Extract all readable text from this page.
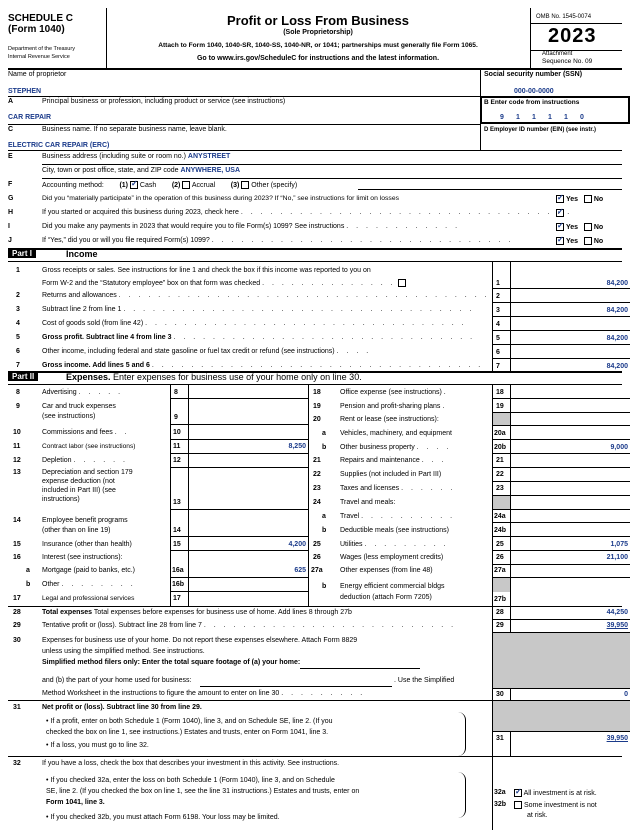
SCHEDULE C
(Form 1040)
Department of the Treasury
Internal Revenue Service
Profit or Loss From Business
(Sole Proprietorship)
Attach to Form 1040, 1040-SR, 1040-SS, 1040-NR, or 1041; partnerships must generally file Form 1065.
Go to www.irs.gov/ScheduleC for instructions and the latest information.
OMB No. 1545-0074
2023
Attachment
Sequence No. 09
Name of proprietor	Social security number (SSN)
STEPHEN	000-00-0000
A	Principal business or profession, including product or service (see instructions)
CAR REPAIR
B Enter code from instructions
9	1	1	1	1	0
C	Business name. If no separate business name, leave blank.	D Employer ID number (EIN) (see instr.)
ELECTRIC CAR REPAIR (ERC)
E	Business address (including suite or room no.) ANYSTREET
City, town or post office, state, and ZIP code ANYWHERE, USA
F	Accounting method: (1) ✓ Cash (2) Accrual (3) Other (specify)
G	Did you “materially participate” in the operation of this business during 2023? If “No,” see instructions for limit on losses ✓	Yes No
H	If you started or acquired this business during 2023, check here . . . . . . . . . . . . . . . . . . . . . . . . . . . . . . . . . .
✓
I	Did you make any payments in 2023 that would require you to file Form(s) 1099? See instructions . . . . . . . . . . . . ✓	Yes No
J	If “Yes,” did you or will you file required Form(s) 1099? . . . . . . . . . . . . . . . . . . . . . . . . . . . . . . . ✓	Yes No
Part I	Income
1	Gross receipts or sales. See instructions for line 1 and check the box if this income was reported to you on
Form W-2 and the “Statutory employee” box on that form was checked . . . . . . . . . . . . . .	1	84,200
2	Returns and allowances . . . . . . . . . . . . . . . . . . . . . . . . . . . . . . . . . . . . . . 2
3	Subtract line 2 from line 1 . . . . . . . . . . . . . . . . . . . . . . . . . . . . . . . . . . . .	3	84,200
4	Cost of goods sold (from line 42) . . . . . . . . . . . . . . . . . . . . . . . . . . . . . . . . .	4
5	Gross profit. Subtract line 4 from line 3 . . . . . . . . . . . . . . . . . . . . . . . . . . . . . . .	5	84,200
6	Other income, including federal and state gasoline or fuel tax credit or refund (see instructions) . . . .	6
7	Gross income. Add lines 5 and 6 . . . . . . . . . . . . . . . . . . . . . . . . . . . . . . . . . . 7	84,200
Part II	Expenses. Enter expenses for business use of your home only on line 30.
8	Advertising . . . . .	8
9	Car and truck expenses
(see instructions)	9
10	Commissions and fees . .	10
11	Contract labor (see instructions)	11	8,250
12	Depletion . . . . . .	12
13	Depreciation and section 179
expense deduction (not
included in Part III) (see
instructions)	13
14	Employee benefit programs
(other than on line 19)	14
15	Insurance (other than health)	15	4,200
16	Interest (see instructions):
a Mortgage (paid to banks, etc.)	16a	625
b Other . . . . . . . .	16b
17	Legal and professional services	17
18	Office expense (see instructions) .	18
19	Pension and profit-sharing plans .	19
20	Rent or lease (see instructions):
a Vehicles, machinery, and equipment	20a
b Other business property . . . .	20b	9,000
21	Repairs and maintenance . . .	21
22	Supplies (not included in Part III)	22
23	Taxes and licenses . . . . . .	23
24	Travel and meals:
a Travel . . . . . . . . . .	24a
b Deductible meals (see instructions)	24b
25	Utilities . . . . . . . . .	25	1,075
26	Wages (less employment credits)	26	21,100
27a Other expenses (from line 48)	27a
b Energy efficient commercial bldgs
deduction (attach Form 7205)	27b
28	Total expenses Total expenses before expenses for business use of home. Add lines 8 through 27b	28	44,250
29	Tentative profit or (loss). Subtract line 28 from line 7 . . . . . . . . . . . . . . . . . . . . . . . . . .	29	39,950
30	Expenses for business use of your home. Do not report these expenses elsewhere. Attach Form 8829
unless using the simplified method. See instructions.
Simplified method filers only: Enter the total square footage of (a) your home:
and (b) the part of your home used for business:	. Use the Simplified
Method Worksheet in the instructions to figure the amount to enter on line 30 . . . . . . . . .	30	0
31	Net profit or (loss). Subtract line 30 from line 29.
• If a profit, enter on both Schedule 1 (Form 1040), line 3, and on Schedule SE, line 2. (If you
checked the box on line 1, see instructions.) Estates and trusts, enter on Form 1041, line 3.
• If a loss, you must go to line 32.
31	39,950
32	If you have a loss, check the box that describes your investment in this activity. See instructions.
• If you checked 32a, enter the loss on both Schedule 1 (Form 1040), line 3, and on Schedule
SE, line 2. (If you checked the box on line 1, see the line 31 instructions.) Estates and trusts, enter on
Form 1041, line 3.
• If you checked 32b, you must attach Form 6198. Your loss may be limited.
32a ✓	All investment is at risk.
32b	Some investment is not
at risk.
